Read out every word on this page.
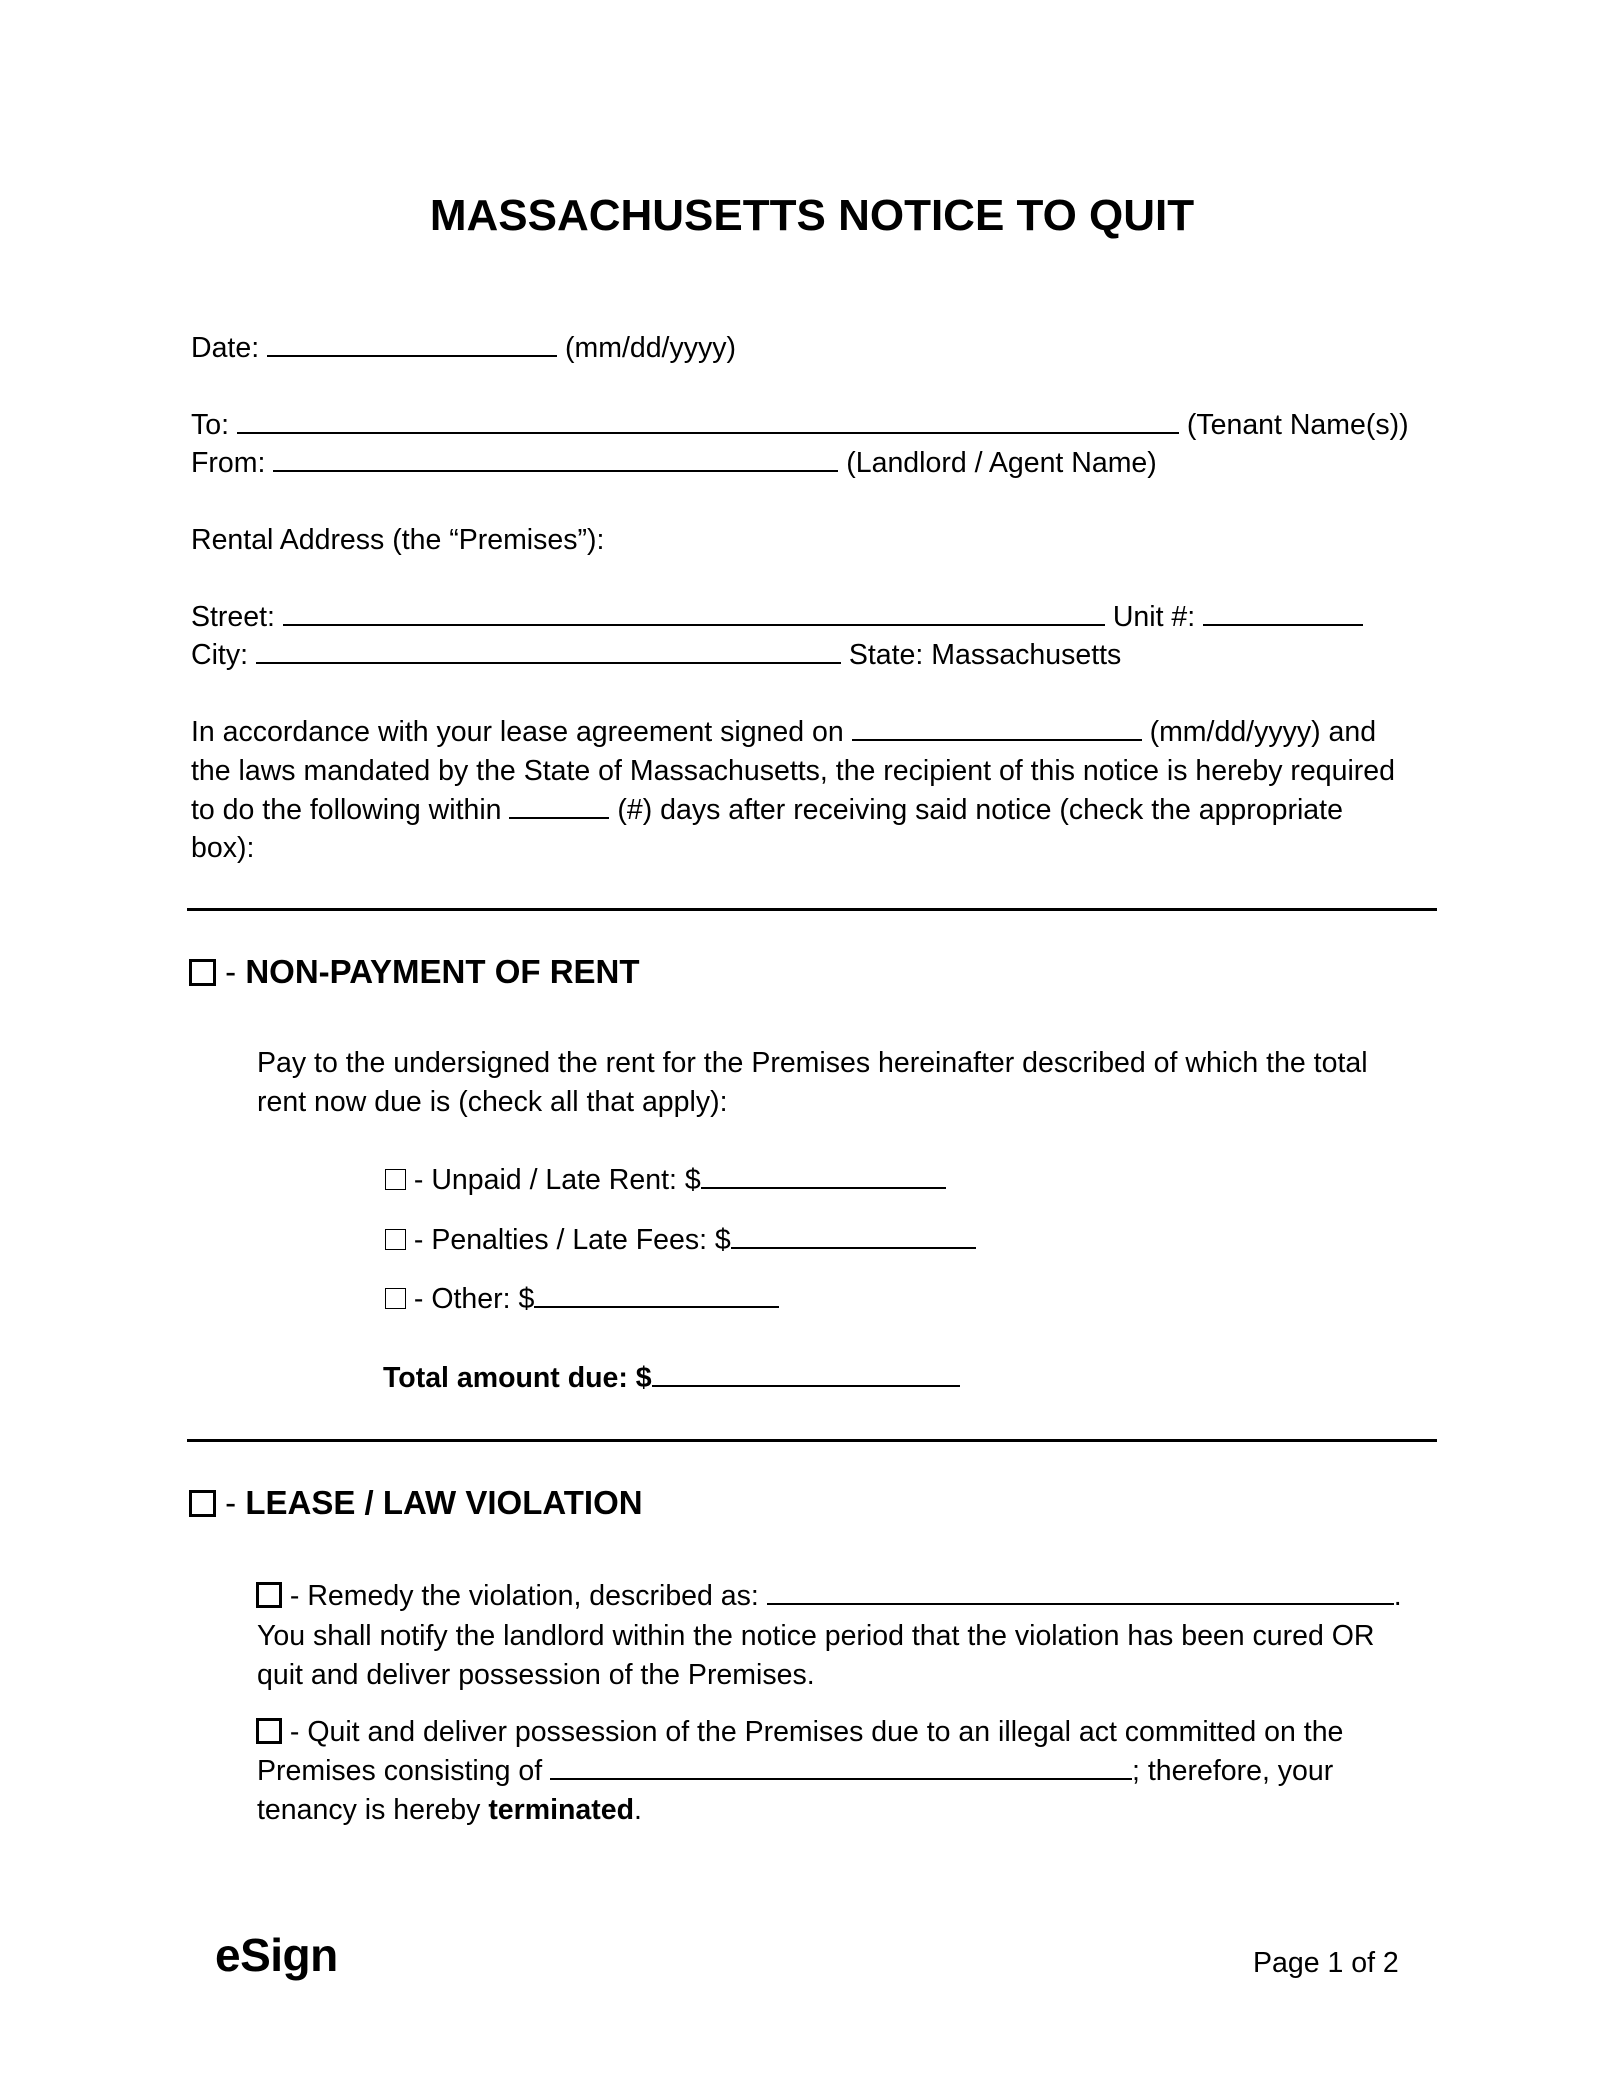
MASSACHUSETTS NOTICE TO QUIT
Date:	(mm/dd/yyyy)
To:	(Tenant Name(s))
From:	(Landlord / Agent Name)
Rental Address (the “Premises”):
Street:	Unit #:
City:	State: Massachusetts
In accordance with your lease agreement signed on	(mm/dd/yyyy) and
the laws mandated by the State of Massachusetts, the recipient of this notice is hereby required
to do the following within	(#) days after receiving said notice (check the appropriate
box):
- NON-PAYMENT OF RENT
Pay to the undersigned the rent for the Premises hereinafter described of which the total
rent now due is (check all that apply):
- Unpaid / Late Rent: $
- Penalties / Late Fees: $
- Other: $
Total amount due: $
- LEASE / LAW VIOLATION
- Remedy the violation, described as:	.
You shall notify the landlord within the notice period that the violation has been cured OR
quit and deliver possession of the Premises.
- Quit and deliver possession of the Premises due to an illegal act committed on the
Premises consisting of	; therefore, your
tenancy is hereby terminated.
eSign	Page 1 of 2
